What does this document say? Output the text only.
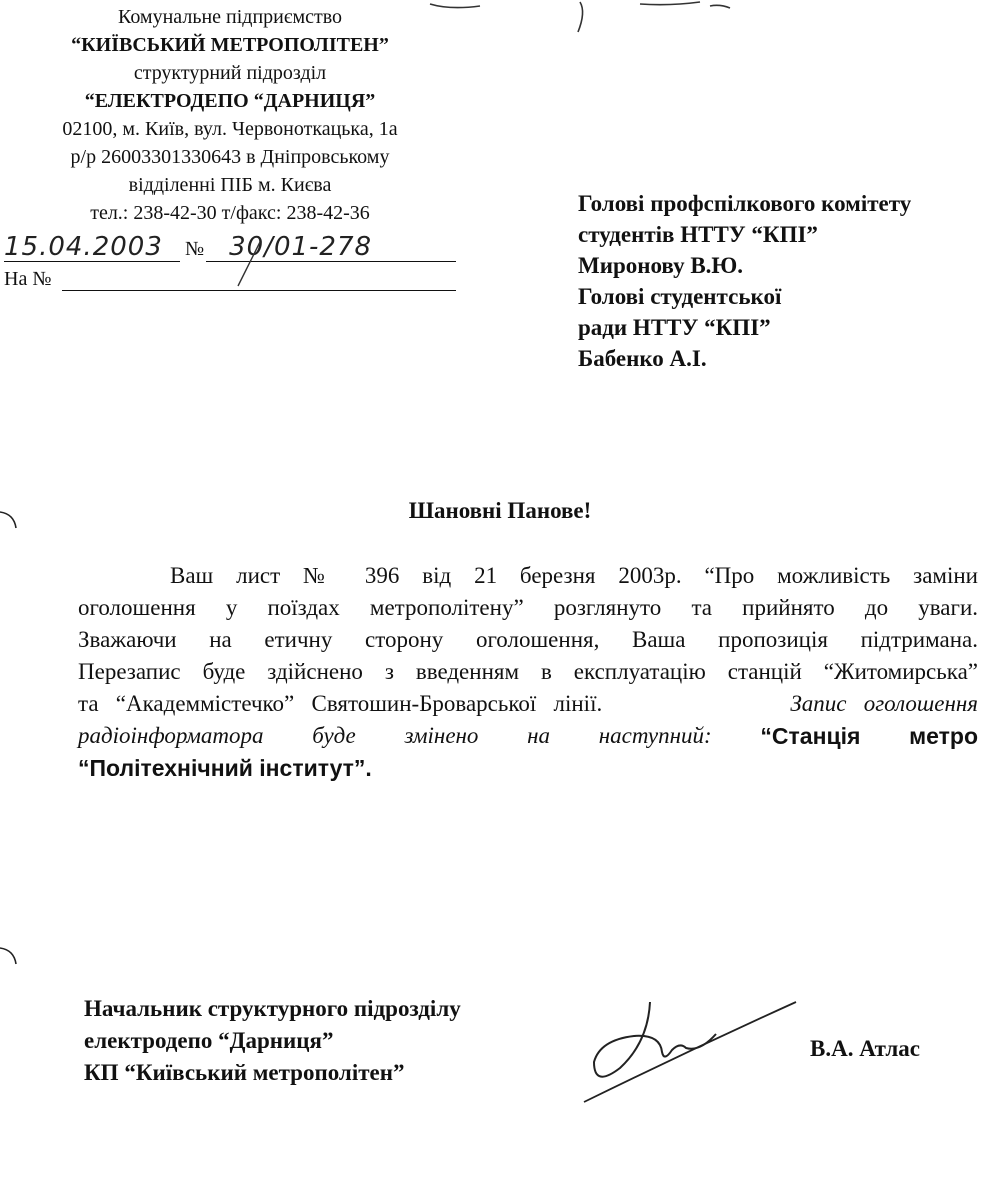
Комунальне підприємство
“КИЇВСЬКИЙ МЕТРОПОЛІТЕН”
структурний підрозділ
“ЕЛЕКТРОДЕПО “ДАРНИЦЯ”
02100, м. Київ, вул. Червоноткацька, 1а
р/р 26003301330643 в Дніпровському
відділенні ПІБ м. Києва
тел.: 238-42-30 т/факс: 238-42-36
15.04.2003 № 30/01-278
На №
Голові профспілкового комітету
студентів НТТУ “КПІ”
Миронову В.Ю.
Голові студентської
ради НТТУ “КПІ”
Бабенко А.І.
Шановні Панове!
Ваш лист № 396 від 21 березня 2003р. “Про можливість заміни
оголошення у поїздах метрополітену” розглянуто та прийнято до уваги.
Зважаючи на етичну сторону оголошення, Ваша пропозиція підтримана.
Перезапис буде здійснено з введенням в експлуатацію станцій “Житомирська”
та   “Академмістечко”   Святошин-Броварської   лінії.	Запис   оголошення
радіоінформатора буде змінено на наступний: “Станція метро
“Політехнічний інститут”.
Начальник структурного підрозділу
електродепо “Дарниця”
КП “Київський метрополітен”
В.А. Атлас
